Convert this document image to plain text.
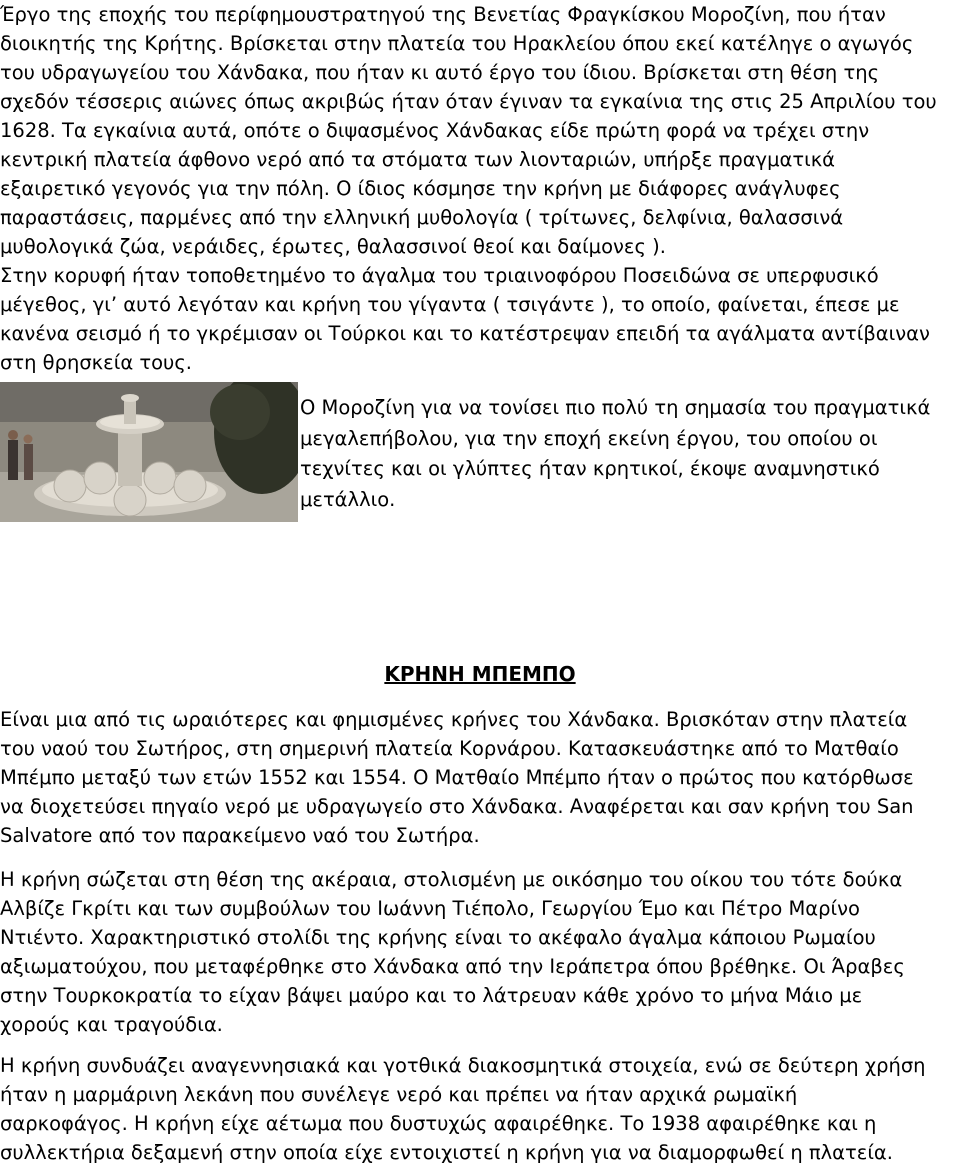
Έργο της εποχής του περίφημουστρατηγού της Βενετίας Φραγκίσκου Μοροζίνη, που ήταν
διοικητής της Κρήτης. Βρίσκεται στην πλατεία του Ηρακλείου όπου εκεί κατέληγε ο αγωγός
του υδραγωγείου του Χάνδακα, που ήταν κι αυτό έργο του ίδιου. Βρίσκεται στη θέση της
σχεδόν τέσσερις αιώνες όπως ακριβώς ήταν όταν έγιναν τα εγκαίνια της στις 25 Απριλίου του
1628. Τα εγκαίνια αυτά, οπότε ο διψασμένος Χάνδακας είδε πρώτη φορά να τρέχει στην
κεντρική πλατεία άφθονο νερό από τα στόματα των λιονταριών, υπήρξε πραγματικά
εξαιρετικό γεγονός για την πόλη. Ο ίδιος κόσμησε την κρήνη με διάφορες ανάγλυφες
παραστάσεις, παρμένες από την ελληνική μυθολογία ( τρίτωνες, δελφίνια, θαλασσινά
μυθολογικά ζώα, νεράιδες, έρωτες, θαλασσινοί θεοί και δαίμονες ).

Στην κορυφή ήταν τοποθετημένο το άγαλμα του τριαινοφόρου Ποσειδώνα σε υπερφυσικό
μέγεθος, γι’ αυτό λεγόταν και κρήνη του γίγαντα ( τσιγάντε ), το οποίο, φαίνεται, έπεσε με
κανένα σεισμό ή το γκρέμισαν οι Τούρκοι και το κατέστρεψαν επειδή τα αγάλματα αντίβαιναν
στη θρησκεία τους.

Ο Μοροζίνη για να τονίσει πιο πολύ τη σημασία του πραγματικά
μεγαλεπήβολου, για την εποχή εκείνη έργου, του οποίου οι
τεχνίτες και οι γλύπτες ήταν κρητικοί, έκοψε αναμνηστικό
μετάλλιο.

ΚΡΗΝΗ ΜΠΕΜΠΟ

Είναι μια από τις ωραιότερες και φημισμένες κρήνες του Χάνδακα. Βρισκόταν στην πλατεία
του ναού του Σωτήρος, στη σημερινή πλατεία Κορνάρου. Κατασκευάστηκε από το Ματθαίο
Μπέμπο μεταξύ των ετών 1552 και 1554. Ο Ματθαίο Μπέμπο ήταν ο πρώτος που κατόρθωσε
να διοχετεύσει πηγαίο νερό με υδραγωγείο στο Χάνδακα. Αναφέρεται και σαν κρήνη του San
Salvatore από τον παρακείμενο ναό του Σωτήρα.

Η κρήνη σώζεται στη θέση της ακέραια, στολισμένη με οικόσημο του οίκου του τότε δούκα
Αλβίζε Γκρίτι και των συμβούλων του Ιωάννη Τιέπολο, Γεωργίου Έμο και Πέτρο Μαρίνο
Ντιέντο. Χαρακτηριστικό στολίδι της κρήνης είναι το ακέφαλο άγαλμα κάποιου Ρωμαίου
αξιωματούχου, που μεταφέρθηκε στο Χάνδακα από την Ιεράπετρα όπου βρέθηκε. Οι Άραβες
στην Τουρκοκρατία το είχαν βάψει μαύρο και το λάτρευαν κάθε χρόνο το μήνα Μάιο με
χορούς και τραγούδια.

Η κρήνη συνδυάζει αναγεννησιακά και γοτθικά διακοσμητικά στοιχεία, ενώ σε δεύτερη χρήση
ήταν η μαρμάρινη λεκάνη που συνέλεγε νερό και πρέπει να ήταν αρχικά ρωμαϊκή
σαρκοφάγος. Η κρήνη είχε αέτωμα που δυστυχώς αφαιρέθηκε. Το 1938 αφαιρέθηκε και η
συλλεκτήρια δεξαμενή στην οποία είχε εντοιχιστεί η κρήνη για να διαμορφωθεί η πλατεία.
